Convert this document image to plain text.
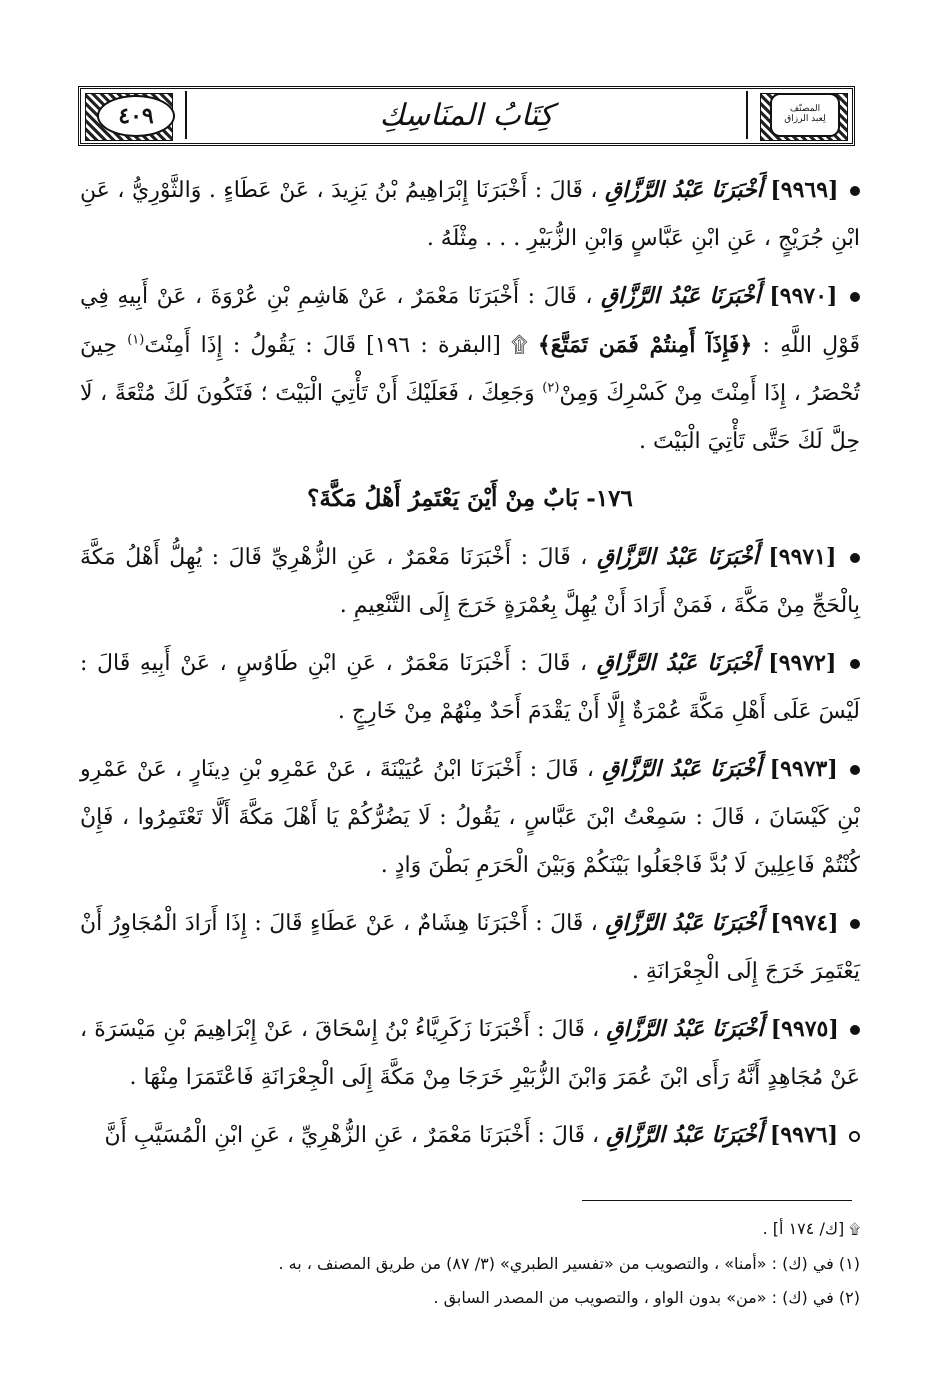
٤٠٩	المصنّف
لِعبد الرزاق
كِتَابُ المنَاسِكِ

[٩٩٦٩] أَخْبَرَنَا عَبْدُ الرَّزَّاقِ ، قَالَ : أَخْبَرَنَا إِبْرَاهِيمُ بْنُ يَزِيدَ ، عَنْ عَطَاءٍ . وَالثَّوْرِيُّ ، عَنِ ابْنِ جُرَيْجٍ ، عَنِ ابْنِ عَبَّاسٍ وَابْنِ الزُّبَيْرِ . . . مِثْلَهُ .

[٩٩٧٠] أَخْبَرَنَا عَبْدُ الرَّزَّاقِ ، قَالَ : أَخْبَرَنَا مَعْمَرٌ ، عَنْ هَاشِمِ بْنِ عُرْوَةَ ، عَنْ أَبِيهِ فِي قَوْلِ اللَّهِ : ﴿فَإِذَآ أَمِنتُمْ فَمَن تَمَتَّعَ﴾ ۩ [البقرة : ١٩٦] قَالَ : يَقُولُ : إِذَا أَمِنْتَ$^{(١)}$ حِينَ تُحْصَرُ ، إِذَا أَمِنْتَ مِنْ كَسْرِكَ وَمِنْ$^{(٢)}$ وَجَعِكَ ، فَعَلَيْكَ أَنْ تَأْتِيَ الْبَيْتَ ؛ فَتَكُونَ لَكَ مُتْعَةً ، لَا حِلَّ لَكَ حَتَّى تَأْتِيَ الْبَيْتَ .

١٧٦- بَابٌ مِنْ أَيْنَ يَعْتَمِرُ أَهْلُ مَكَّةَ؟

[٩٩٧١] أَخْبَرَنَا عَبْدُ الرَّزَّاقِ ، قَالَ : أَخْبَرَنَا مَعْمَرٌ ، عَنِ الزُّهْرِيِّ قَالَ : يُهِلُّ أَهْلُ مَكَّةَ بِالْحَجِّ مِنْ مَكَّةَ ، فَمَنْ أَرَادَ أَنْ يُهِلَّ بِعُمْرَةٍ خَرَجَ إِلَى التَّنْعِيمِ .

[٩٩٧٢] أَخْبَرَنَا عَبْدُ الرَّزَّاقِ ، قَالَ : أَخْبَرَنَا مَعْمَرٌ ، عَنِ ابْنِ طَاوُسٍ ، عَنْ أَبِيهِ قَالَ : لَيْسَ عَلَى أَهْلِ مَكَّةَ عُمْرَةٌ إِلَّا أَنْ يَقْدَمَ أَحَدٌ مِنْهُمْ مِنْ خَارِجٍ .

[٩٩٧٣] أَخْبَرَنَا عَبْدُ الرَّزَّاقِ ، قَالَ : أَخْبَرَنَا ابْنُ عُيَيْنَةَ ، عَنْ عَمْرِو بْنِ دِينَارٍ ، عَنْ عَمْرِو بْنِ كَيْسَانَ ، قَالَ : سَمِعْتُ ابْنَ عَبَّاسٍ ، يَقُولُ : لَا يَضُرُّكُمْ يَا أَهْلَ مَكَّةَ أَلَّا تَعْتَمِرُوا ، فَإِنْ كُنْتُمْ فَاعِلِينَ لَا بُدَّ فَاجْعَلُوا بَيْنَكُمْ وَبَيْنَ الْحَرَمِ بَطْنَ وَادٍ .

[٩٩٧٤] أَخْبَرَنَا عَبْدُ الرَّزَّاقِ ، قَالَ : أَخْبَرَنَا هِشَامٌ ، عَنْ عَطَاءٍ قَالَ : إِذَا أَرَادَ الْمُجَاوِرُ أَنْ يَعْتَمِرَ خَرَجَ إِلَى الْجِعْرَانَةِ .

[٩٩٧٥] أَخْبَرَنَا عَبْدُ الرَّزَّاقِ ، قَالَ : أَخْبَرَنَا زَكَرِيَّاءُ بْنُ إِسْحَاقَ ، عَنْ إِبْرَاهِيمَ بْنِ مَيْسَرَةَ ، عَنْ مُجَاهِدٍ أَنَّهُ رَأَى ابْنَ عُمَرَ وَابْنَ الزُّبَيْرِ خَرَجَا مِنْ مَكَّةَ إِلَى الْجِعْرَانَةِ فَاعْتَمَرَا مِنْهَا .

[٩٩٧٦] أَخْبَرَنَا عَبْدُ الرَّزَّاقِ ، قَالَ : أَخْبَرَنَا مَعْمَرٌ ، عَنِ الزُّهْرِيِّ ، عَنِ ابْنِ الْمُسَيَّبِ أَنَّ

۩ [ك/ ١٧٤ أ] .

(١) في (ك) : «أمنا» ، والتصويب من «تفسير الطبري» (٣/ ٨٧) من طريق المصنف ، به .

(٢) في (ك) : «من» بدون الواو ، والتصويب من المصدر السابق .
